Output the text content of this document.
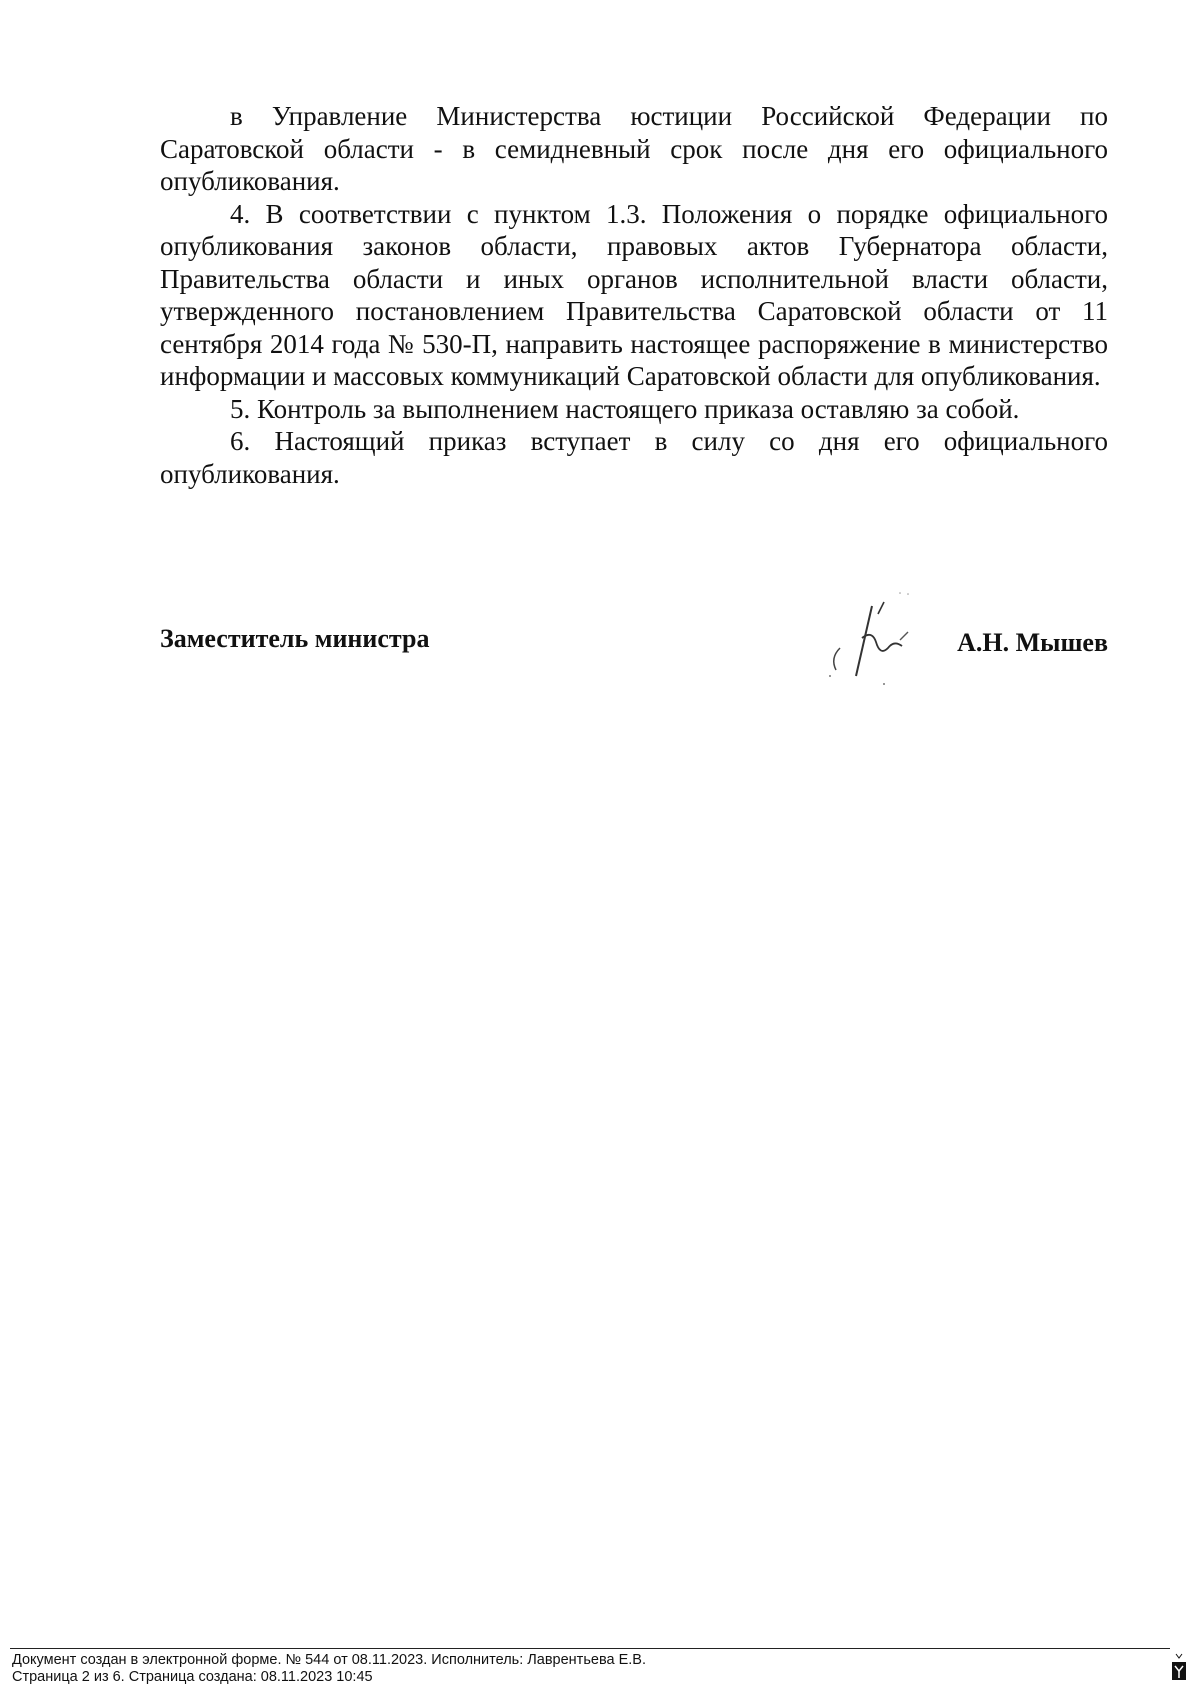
в Управление Министерства юстиции Российской Федерации по Саратовской области - в семидневный срок после дня его официального опубликования.

4. В соответствии с пунктом 1.3. Положения о порядке официального опубликования законов области, правовых актов Губернатора области, Правительства области и иных органов исполнительной власти области, утвержденного постановлением Правительства Саратовской области от 11 сентября 2014 года № 530-П, направить настоящее распоряжение в министерство информации и массовых коммуникаций Саратовской области для опубликования.

5. Контроль за выполнением настоящего приказа оставляю за собой.

6. Настоящий приказ вступает в силу со дня его официального опубликования.

Заместитель министра	А.Н. Мышев
Документ создан в электронной форме. № 544 от 08.11.2023. Исполнитель: Лаврентьева Е.В.
Страница 2 из 6. Страница создана: 08.11.2023 10:45
